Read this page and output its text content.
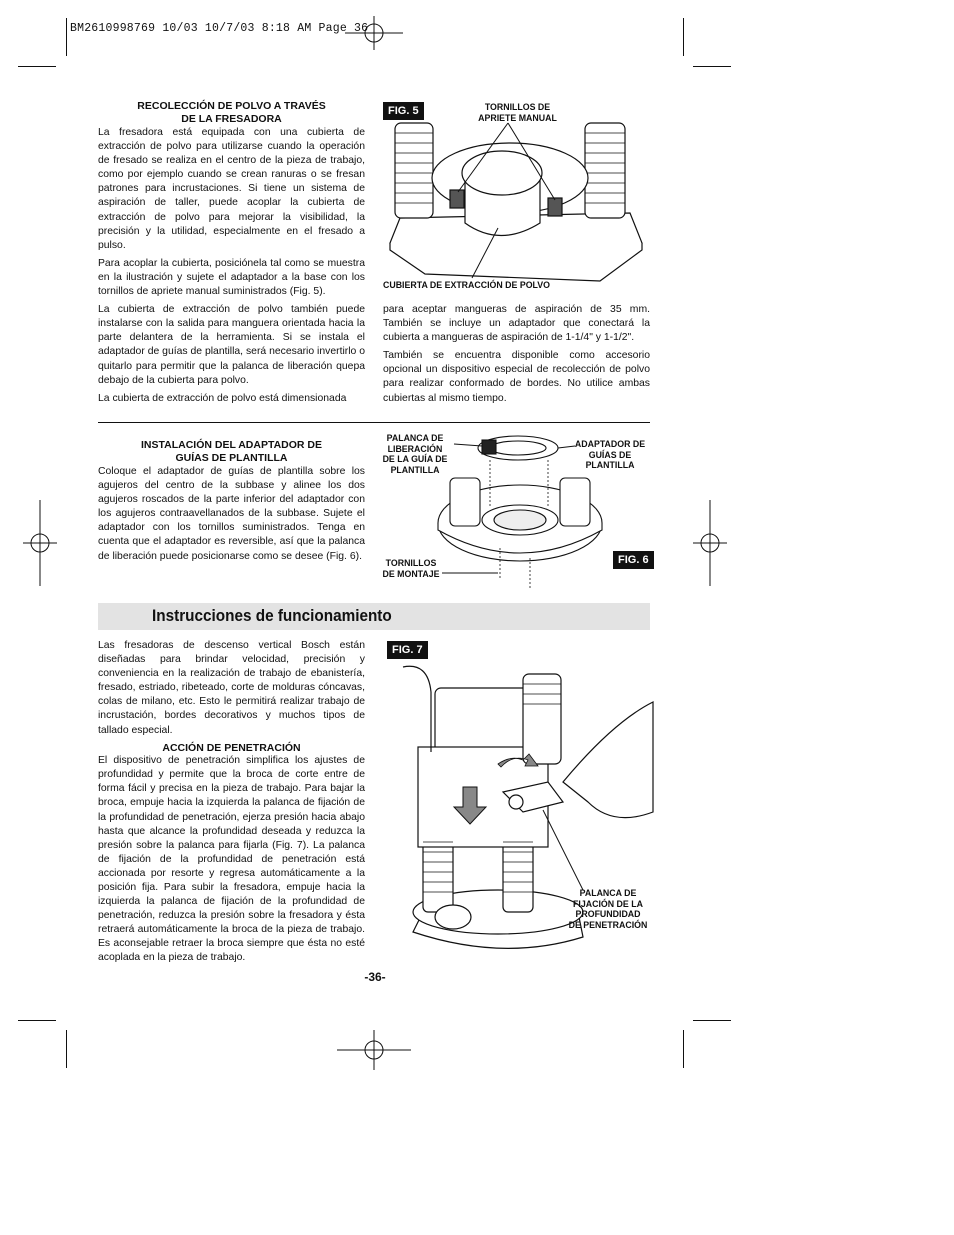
BM2610998769 10/03 10/7/03 8:18 AM Page 36
RECOLECCIÓN DE POLVO A TRAVÉS
DE LA FRESADORA

La fresadora está equipada con una cubierta de extracción de polvo para utilizarse cuando la operación de fresado se realiza en el centro de la pieza de trabajo, como por ejemplo cuando se crean ranuras o se fresan patrones para incrustaciones. Si tiene un sistema de aspiración de taller, puede acoplar la cubierta de extracción de polvo para mejorar la visibilidad, la precisión y la utilidad, especialmente en el fresado a pulso.

Para acoplar la cubierta, posiciónela tal como se muestra en la ilustración y sujete el adaptador a la base con los tornillos de apriete manual suministrados (Fig. 5).

La cubierta de extracción de polvo también puede instalarse con la salida para manguera orientada hacia la parte delantera de la herramienta. Si se instala el adaptador de guías de plantilla, será necesario invertirlo o quitarlo para permitir que la palanca de liberación quepa debajo de la cubierta para polvo.

La cubierta de extracción de polvo está dimensionada

para aceptar mangueras de aspiración de 35 mm. También se incluye un adaptador que conectará la cubierta a mangueras de aspiración de 1-1/4" y 1-1/2".

También se encuentra disponible como accesorio opcional un dispositivo especial de recolección de polvo para realizar conformado de bordes. No utilice ambas cubiertas al mismo tiempo.

FIG. 5	TORNILLOS DE
APRIETE MANUAL
CUBIERTA DE EXTRACCIÓN DE POLVO
INSTALACIÓN DEL ADAPTADOR DE
GUÍAS DE PLANTILLA

Coloque el adaptador de guías de plantilla sobre los agujeros del centro de la subbase y alinee los dos agujeros roscados de la parte inferior del adaptador con los agujeros contraavellanados de la subbase. Sujete el adaptador con los tornillos suministrados. Tenga en cuenta que el adaptador es reversible, así que la palanca de liberación puede posicionarse como se desee (Fig. 6).

PALANCA DE
LIBERACIÓN
DE LA GUÍA DE
PLANTILLA
ADAPTADOR DE
GUÍAS DE
PLANTILLA
TORNILLOS
DE MONTAJE
FIG. 6
Instrucciones de funcionamiento

Las fresadoras de descenso vertical Bosch están diseñadas para brindar velocidad, precisión y conveniencia en la realización de trabajo de ebanistería, fresado, estriado, ribeteado, corte de molduras cóncavas, colas de milano, etc. Esto le permitirá realizar trabajo de incrustación, bordes decorativos y muchos tipos de tallado especial.

ACCIÓN DE PENETRACIÓN

El dispositivo de penetración simplifica los ajustes de profundidad y permite que la broca de corte entre de forma fácil y precisa en la pieza de trabajo. Para bajar la broca, empuje hacia la izquierda la palanca de fijación de la profundidad de penetración, ejerza presión hacia abajo hasta que alcance la profundidad deseada y reduzca la presión sobre la palanca para fijarla (Fig. 7). La palanca de fijación de la profundidad de penetración está accionada por resorte y regresa automáticamente a la posición fija. Para subir la fresadora, empuje hacia la izquierda la palanca de fijación de la profundidad de penetración, reduzca la presión sobre la fresadora y ésta retraerá automáticamente la broca de la pieza de trabajo. Es aconsejable retraer la broca siempre que ésta no esté acoplada en la pieza de trabajo.

FIG. 7
PALANCA DE
FIJACIÓN DE LA
PROFUNDIDAD
DE PENETRACIÓN
-36-
